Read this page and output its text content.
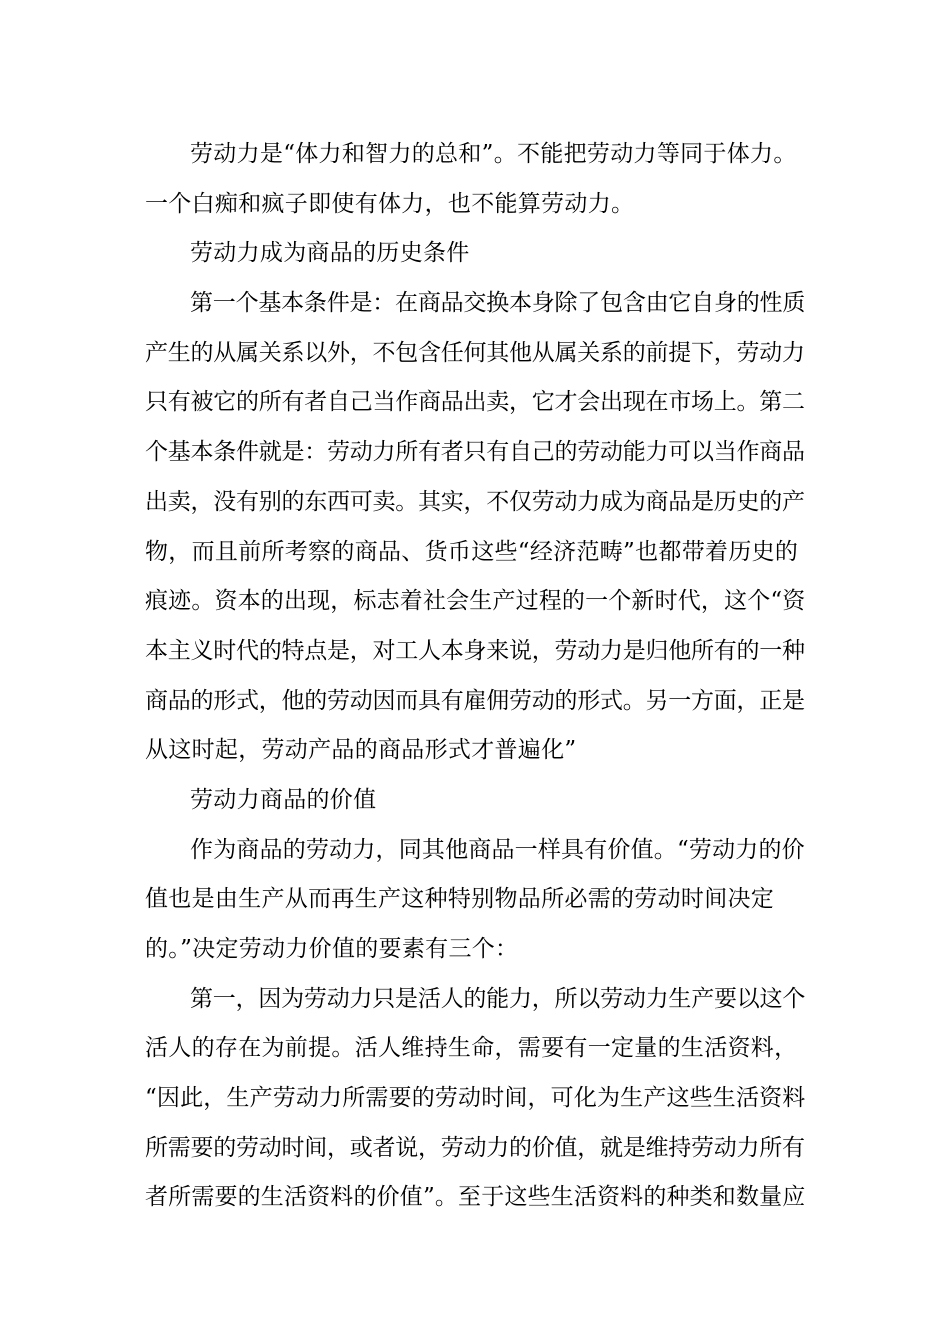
劳动力是“体力和智力的总和”。不能把劳动力等同于体力。
一个白痴和疯子即使有体力，也不能算劳动力。
劳动力成为商品的历史条件
第一个基本条件是：在商品交换本身除了包含由它自身的性质
产生的从属关系以外，不包含任何其他从属关系的前提下，劳动力
只有被它的所有者自己当作商品出卖，它才会出现在市场上。第二
个基本条件就是：劳动力所有者只有自己的劳动能力可以当作商品
出卖，没有别的东西可卖。其实，不仅劳动力成为商品是历史的产
物，而且前所考察的商品、货币这些“经济范畴”也都带着历史的
痕迹。资本的出现，标志着社会生产过程的一个新时代，这个“资
本主义时代的特点是，对工人本身来说，劳动力是归他所有的一种
商品的形式，他的劳动因而具有雇佣劳动的形式。另一方面，正是
从这时起，劳动产品的商品形式才普遍化”
劳动力商品的价值
作为商品的劳动力，同其他商品一样具有价值。“劳动力的价
值也是由生产从而再生产这种特别物品所必需的劳动时间决定
的。”决定劳动力价值的要素有三个：
第一，因为劳动力只是活人的能力，所以劳动力生产要以这个
活人的存在为前提。活人维持生命，需要有一定量的生活资料，
“因此，生产劳动力所需要的劳动时间，可化为生产这些生活资料
所需要的劳动时间，或者说，劳动力的价值，就是维持劳动力所有
者所需要的生活资料的价值”。至于这些生活资料的种类和数量应
